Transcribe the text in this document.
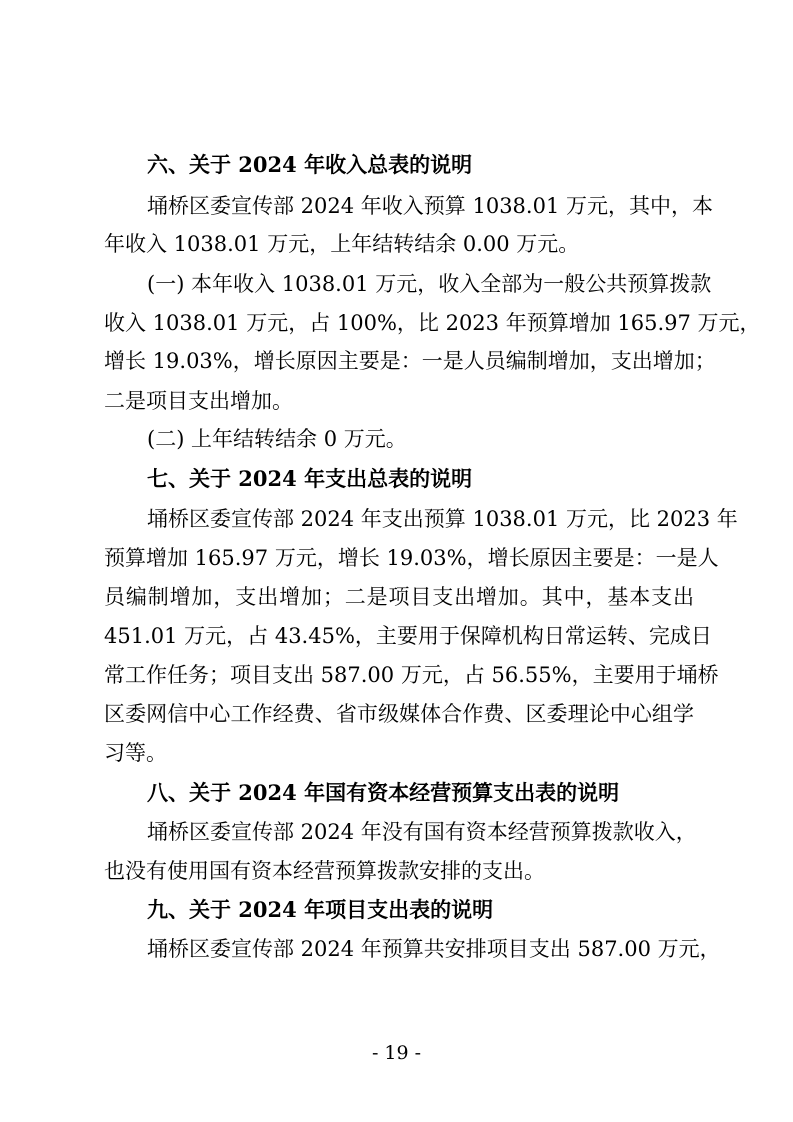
六、关于 2024 年收入总表的说明
埇桥区委宣传部 2024 年收入预算 1038.01 万元，其中，本
年收入 1038.01 万元，上年结转结余 0.00 万元。
(一) 本年收入 1038.01 万元，收入全部为一般公共预算拨款
收入 1038.01 万元，占 100%，比 2023 年预算增加 165.97 万元，
增长 19.03%，增长原因主要是：一是人员编制增加，支出增加；
二是项目支出增加。
(二) 上年结转结余 0 万元。
七、关于 2024 年支出总表的说明
埇桥区委宣传部 2024 年支出预算 1038.01 万元，比 2023 年
预算增加 165.97 万元，增长 19.03%，增长原因主要是：一是人
员编制增加，支出增加；二是项目支出增加。其中，基本支出
451.01 万元，占 43.45%，主要用于保障机构日常运转、完成日
常工作任务；项目支出 587.00 万元，占 56.55%，主要用于埇桥
区委网信中心工作经费、省市级媒体合作费、区委理论中心组学
习等。
八、关于 2024 年国有资本经营预算支出表的说明
埇桥区委宣传部 2024 年没有国有资本经营预算拨款收入，
也没有使用国有资本经营预算拨款安排的支出。
九、关于 2024 年项目支出表的说明
埇桥区委宣传部 2024 年预算共安排项目支出 587.00 万元，
- 19 -
